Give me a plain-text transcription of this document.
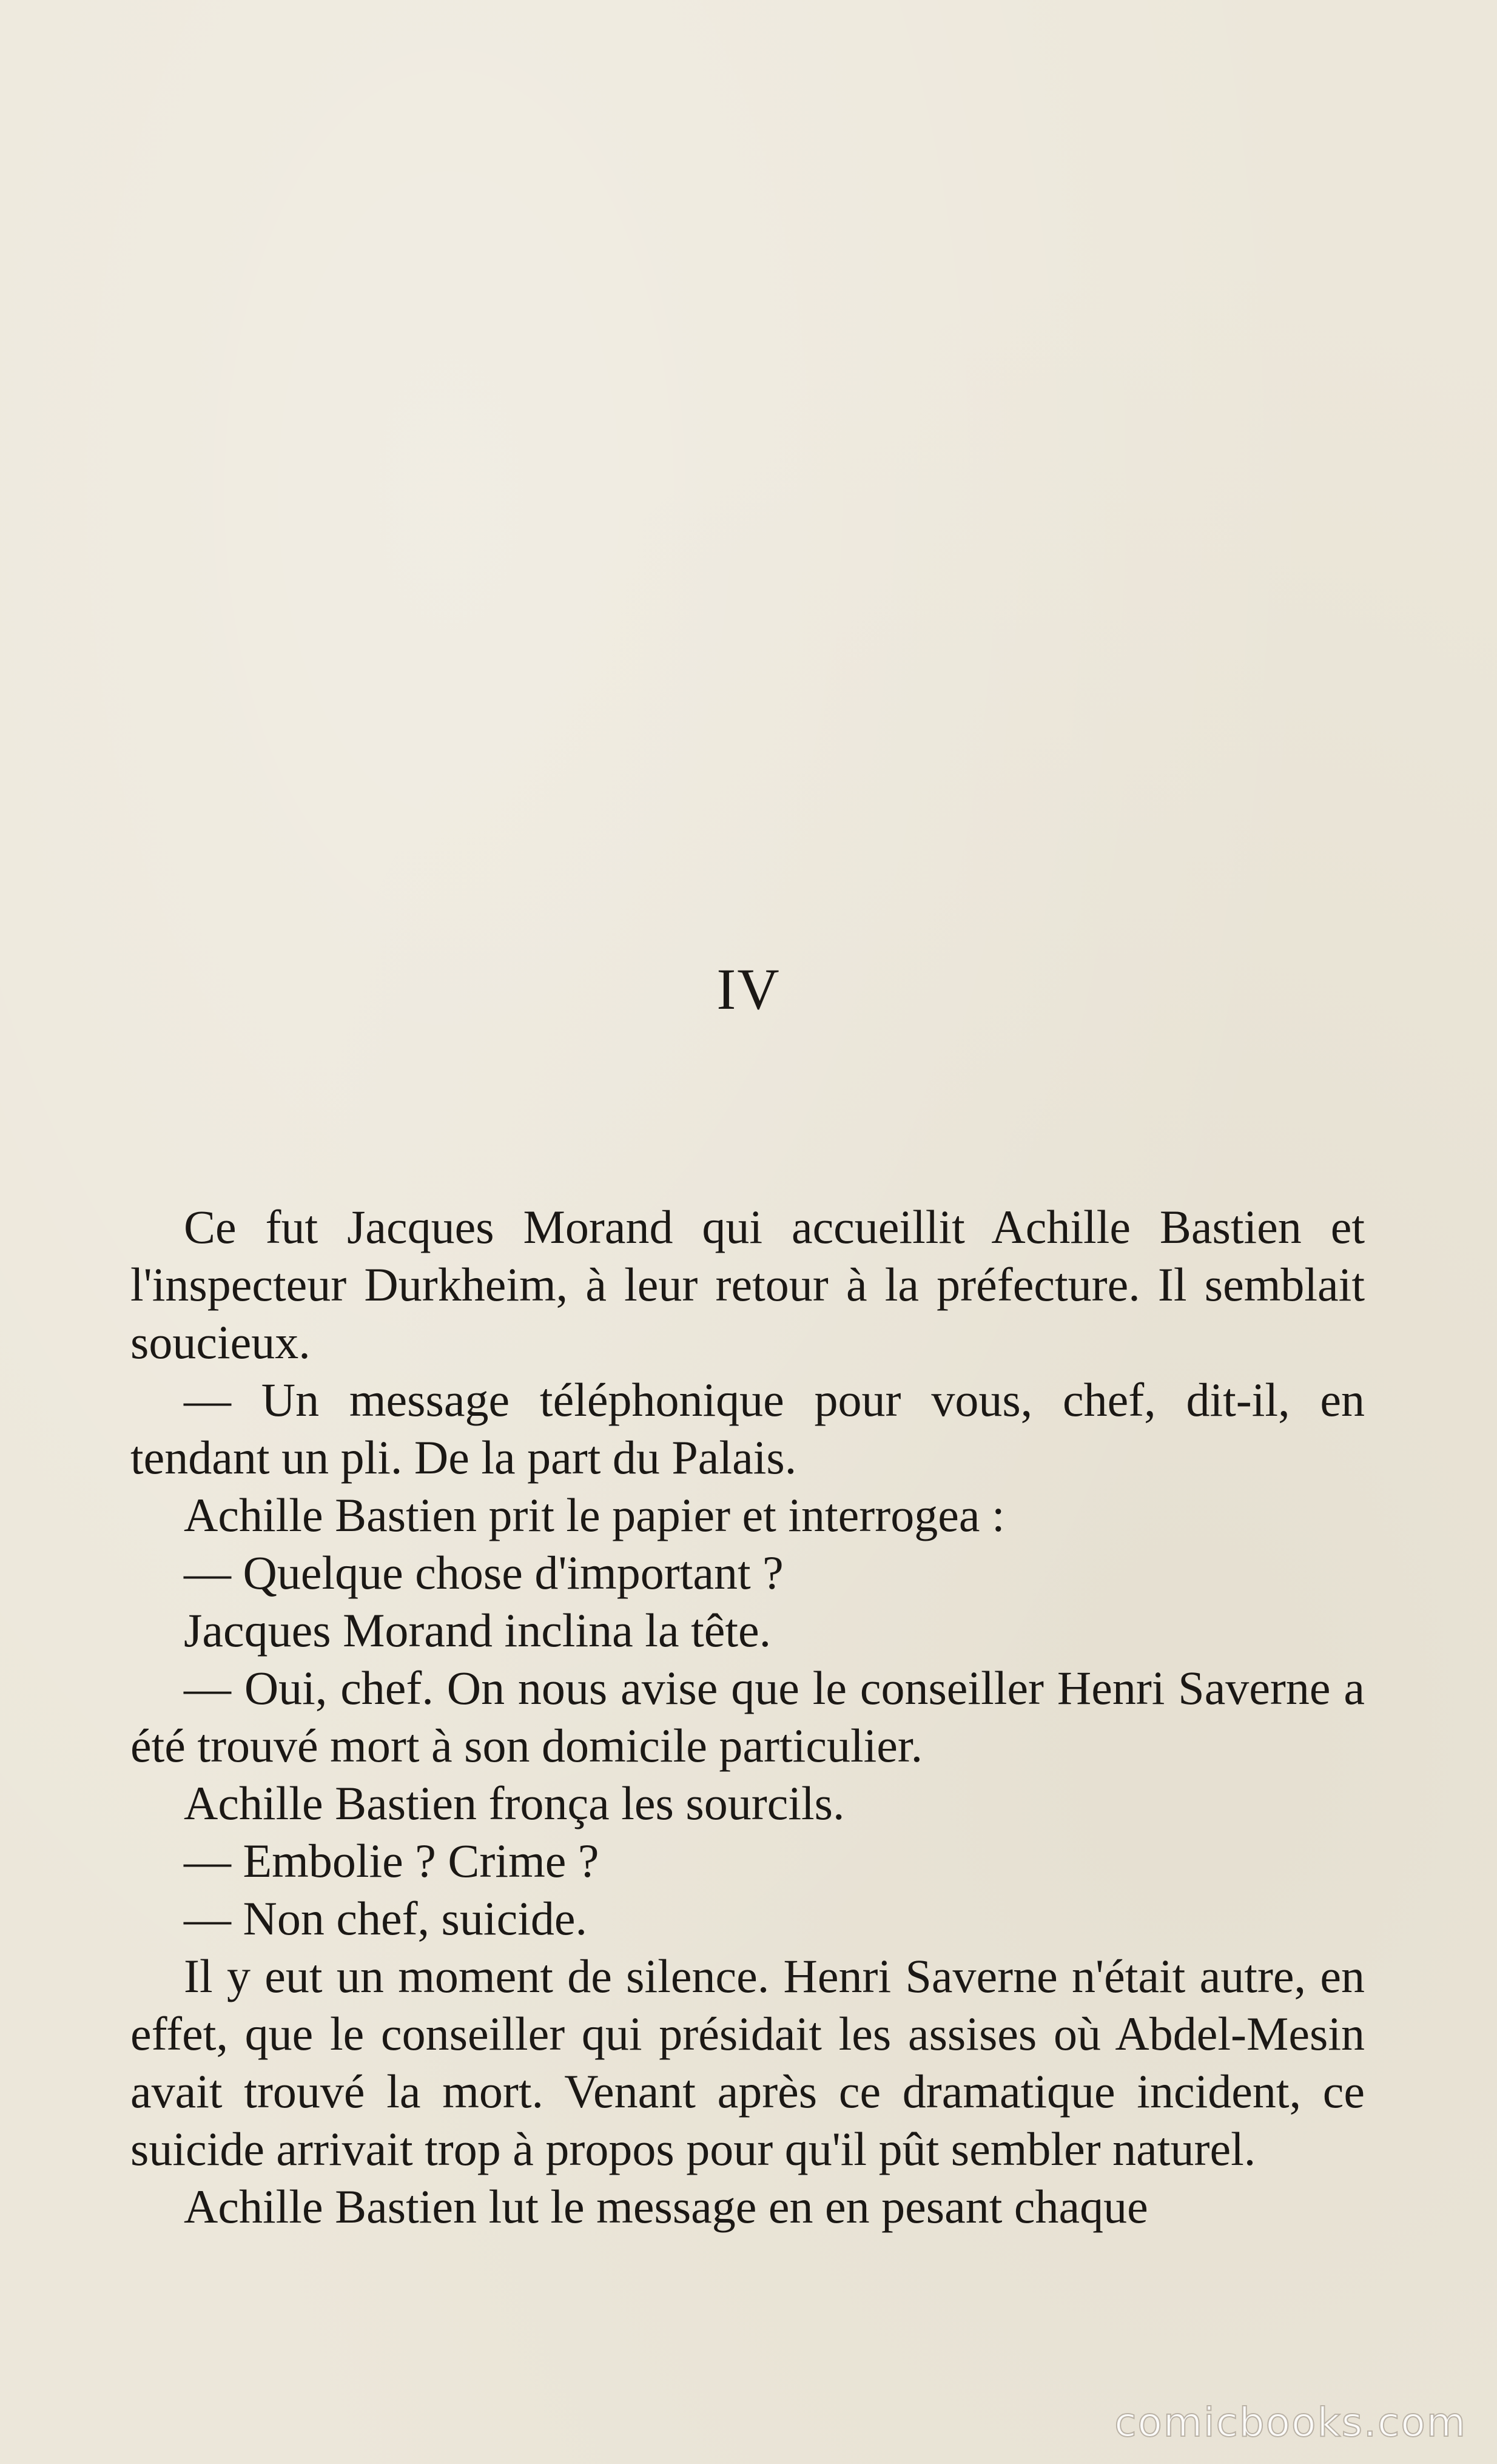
IV

Ce fut Jacques Morand qui accueillit Achille Bastien et l'inspecteur Durkheim, à leur retour à la préfecture. Il semblait soucieux.

— Un message téléphonique pour vous, chef, dit-il, en tendant un pli. De la part du Palais.

Achille Bastien prit le papier et interrogea :

— Quelque chose d'important ?

Jacques Morand inclina la tête.

— Oui, chef. On nous avise que le conseiller Henri Saverne a été trouvé mort à son domicile particulier.

Achille Bastien fronça les sourcils.

— Embolie ? Crime ?

— Non chef, suicide.

Il y eut un moment de silence. Henri Saverne n'était autre, en effet, que le conseiller qui présidait les assises où Abdel-Mesin avait trouvé la mort. Venant après ce dramatique incident, ce suicide arrivait trop à propos pour qu'il pût sembler naturel.

Achille Bastien lut le message en en pesant chaque

comicbooks.com
